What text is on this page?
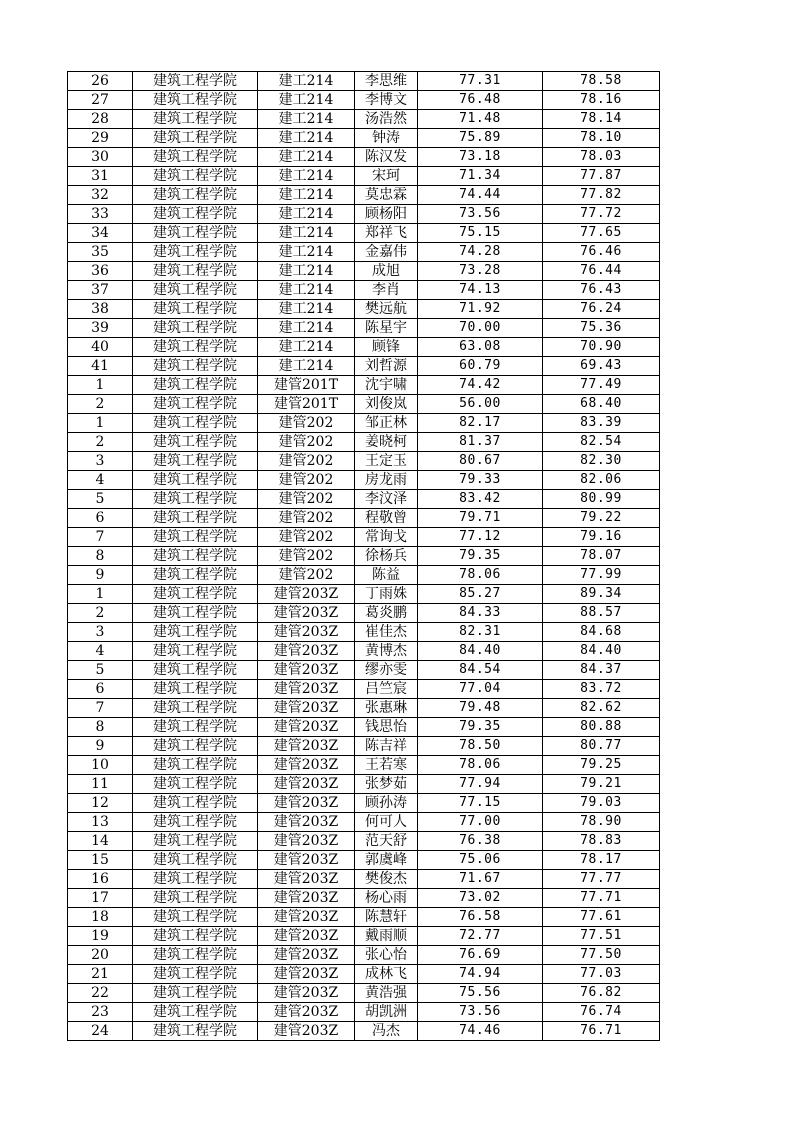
26	建筑工程学院	建工214	李思维	77.31	78.58
27	建筑工程学院	建工214	李博文	76.48	78.16
28	建筑工程学院	建工214	汤浩然	71.48	78.14
29	建筑工程学院	建工214	钟涛	75.89	78.10
30	建筑工程学院	建工214	陈汉发	73.18	78.03
31	建筑工程学院	建工214	宋珂	71.34	77.87
32	建筑工程学院	建工214	莫忠霖	74.44	77.82
33	建筑工程学院	建工214	顾杨阳	73.56	77.72
34	建筑工程学院	建工214	郑祥飞	75.15	77.65
35	建筑工程学院	建工214	金嘉伟	74.28	76.46
36	建筑工程学院	建工214	成旭	73.28	76.44
37	建筑工程学院	建工214	李肖	74.13	76.43
38	建筑工程学院	建工214	樊远航	71.92	76.24
39	建筑工程学院	建工214	陈星宇	70.00	75.36
40	建筑工程学院	建工214	顾锋	63.08	70.90
41	建筑工程学院	建工214	刘哲源	60.79	69.43
1	建筑工程学院	建管201T	沈宇啸	74.42	77.49
2	建筑工程学院	建管201T	刘俊岚	56.00	68.40
1	建筑工程学院	建管202	邹正林	82.17	83.39
2	建筑工程学院	建管202	姜晓柯	81.37	82.54
3	建筑工程学院	建管202	王定玉	80.67	82.30
4	建筑工程学院	建管202	房龙雨	79.33	82.06
5	建筑工程学院	建管202	李汶泽	83.42	80.99
6	建筑工程学院	建管202	程敬曾	79.71	79.22
7	建筑工程学院	建管202	常询戈	77.12	79.16
8	建筑工程学院	建管202	徐杨兵	79.35	78.07
9	建筑工程学院	建管202	陈益	78.06	77.99
1	建筑工程学院	建管203Z	丁雨姝	85.27	89.34
2	建筑工程学院	建管203Z	葛炎鹏	84.33	88.57
3	建筑工程学院	建管203Z	崔佳杰	82.31	84.68
4	建筑工程学院	建管203Z	黄博杰	84.40	84.40
5	建筑工程学院	建管203Z	缪亦雯	84.54	84.37
6	建筑工程学院	建管203Z	吕竺宸	77.04	83.72
7	建筑工程学院	建管203Z	张惠琳	79.48	82.62
8	建筑工程学院	建管203Z	钱思怡	79.35	80.88
9	建筑工程学院	建管203Z	陈吉祥	78.50	80.77
10	建筑工程学院	建管203Z	王若寒	78.06	79.25
11	建筑工程学院	建管203Z	张梦茹	77.94	79.21
12	建筑工程学院	建管203Z	顾孙涛	77.15	79.03
13	建筑工程学院	建管203Z	何可人	77.00	78.90
14	建筑工程学院	建管203Z	范天舒	76.38	78.83
15	建筑工程学院	建管203Z	郭虞峰	75.06	78.17
16	建筑工程学院	建管203Z	樊俊杰	71.67	77.77
17	建筑工程学院	建管203Z	杨心雨	73.02	77.71
18	建筑工程学院	建管203Z	陈慧轩	76.58	77.61
19	建筑工程学院	建管203Z	戴雨顺	72.77	77.51
20	建筑工程学院	建管203Z	张心怡	76.69	77.50
21	建筑工程学院	建管203Z	成林飞	74.94	77.03
22	建筑工程学院	建管203Z	黄浩强	75.56	76.82
23	建筑工程学院	建管203Z	胡凯洲	73.56	76.74
24	建筑工程学院	建管203Z	冯杰	74.46	76.71
